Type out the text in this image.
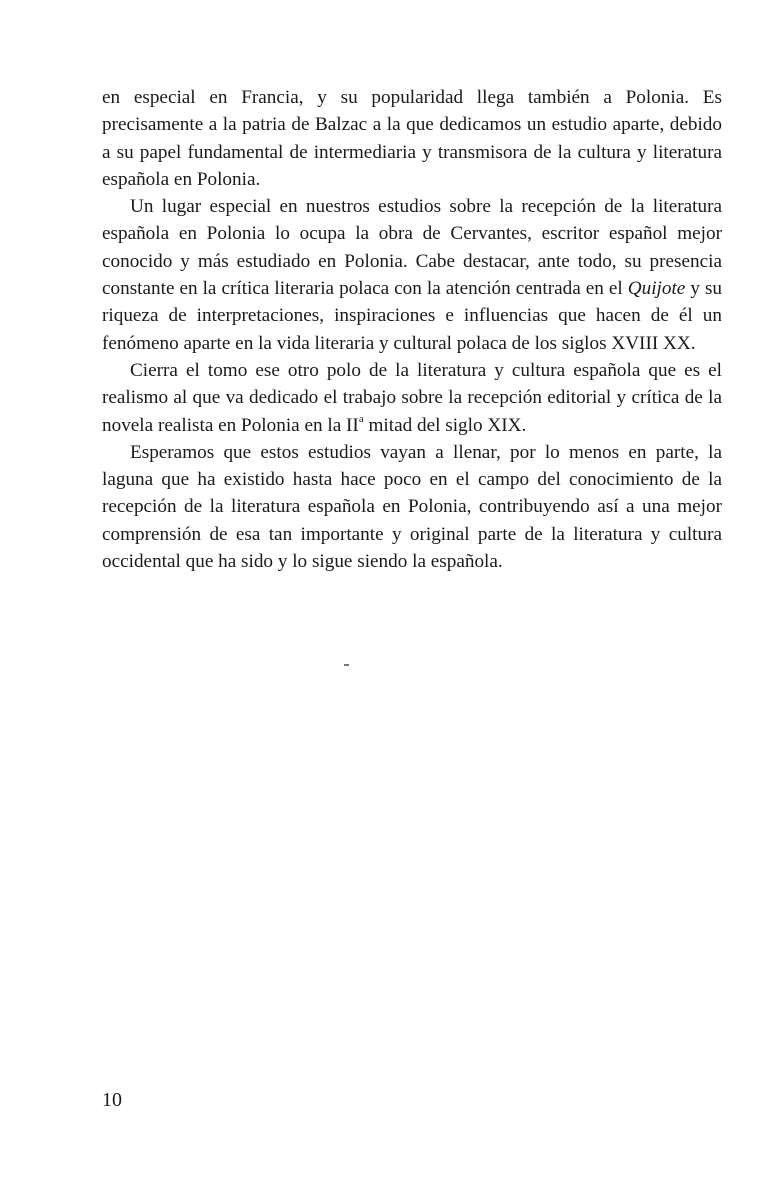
en especial en Francia, y su popularidad llega también a Polonia. Es precisamente a la patria de Balzac a la que dedicamos un estudio aparte, debido a su papel fundamental de intermediaria y transmisora de la cultura y literatura española en Polonia.

Un lugar especial en nuestros estudios sobre la recepción de la literatura española en Polonia lo ocupa la obra de Cervantes, escritor español mejor conocido y más estudiado en Polonia. Cabe destacar, ante todo, su presencia constante en la crítica literaria polaca con la atención centrada en el Quijote y su riqueza de interpretaciones, inspiraciones e influencias que hacen de él un fenómeno aparte en la vida literaria y cultural polaca de los siglos XVIII XX.

Cierra el tomo ese otro polo de la literatura y cultura española que es el realismo al que va dedicado el trabajo sobre la recepción editorial y crítica de la novela realista en Polonia en la $II^a$ mitad del siglo XIX.

Esperamos que estos estudios vayan a llenar, por lo menos en parte, la laguna que ha existido hasta hace poco en el campo del conocimiento de la recepción de la literatura española en Polonia, contribuyendo así a una mejor comprensión de esa tan importante y original parte de la literatura y cultura occidental que ha sido y lo sigue siendo la española.

10
